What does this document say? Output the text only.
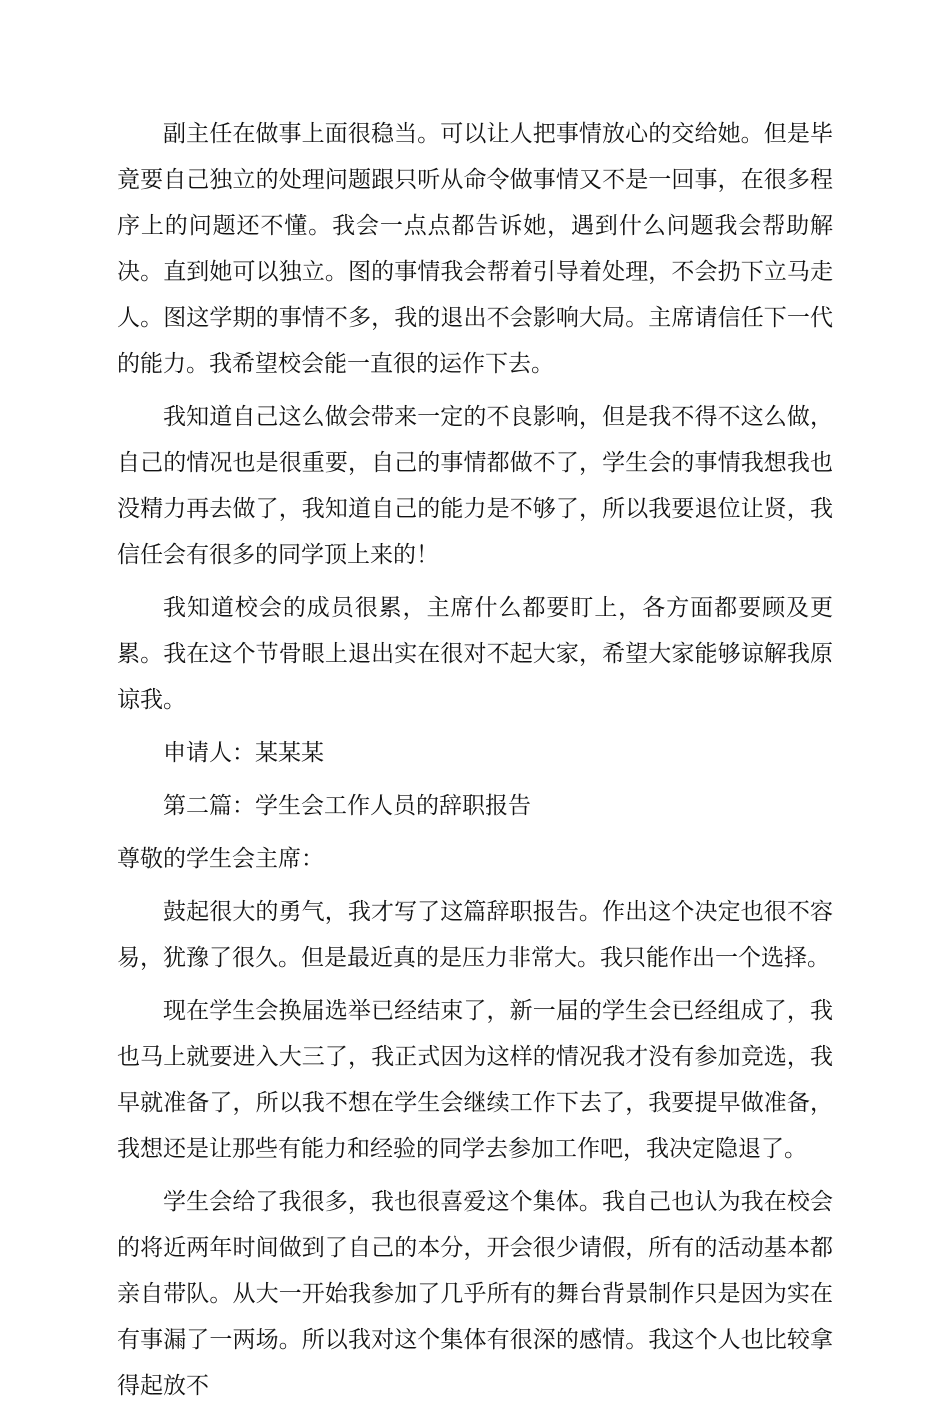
副主任在做事上面很稳当。可以让人把事情放心的交给她。但是毕竟要自己独立的处理问题跟只听从命令做事情又不是一回事，在很多程序上的问题还不懂。我会一点点都告诉她，遇到什么问题我会帮助解决。直到她可以独立。图的事情我会帮着引导着处理，不会扔下立马走人。图这学期的事情不多，我的退出不会影响大局。主席请信任下一代的能力。我希望校会能一直很的运作下去。

我知道自己这么做会带来一定的不良影响，但是我不得不这么做，自己的情况也是很重要，自己的事情都做不了，学生会的事情我想我也没精力再去做了，我知道自己的能力是不够了，所以我要退位让贤，我信任会有很多的同学顶上来的！

我知道校会的成员很累，主席什么都要盯上，各方面都要顾及更累。我在这个节骨眼上退出实在很对不起大家，希望大家能够谅解我原谅我。

申请人：某某某

第二篇：学生会工作人员的辞职报告

尊敬的学生会主席：

鼓起很大的勇气，我才写了这篇辞职报告。作出这个决定也很不容易，犹豫了很久。但是最近真的是压力非常大。我只能作出一个选择。

现在学生会换届选举已经结束了，新一届的学生会已经组成了，我也马上就要进入大三了，我正式因为这样的情况我才没有参加竞选，我早就准备了，所以我不想在学生会继续工作下去了，我要提早做准备，我想还是让那些有能力和经验的同学去参加工作吧，我决定隐退了。

学生会给了我很多，我也很喜爱这个集体。我自己也认为我在校会的将近两年时间做到了自己的本分，开会很少请假，所有的活动基本都亲自带队。从大一开始我参加了几乎所有的舞台背景制作只是因为实在有事漏了一两场。所以我对这个集体有很深的感情。我这个人也比较拿得起放不
